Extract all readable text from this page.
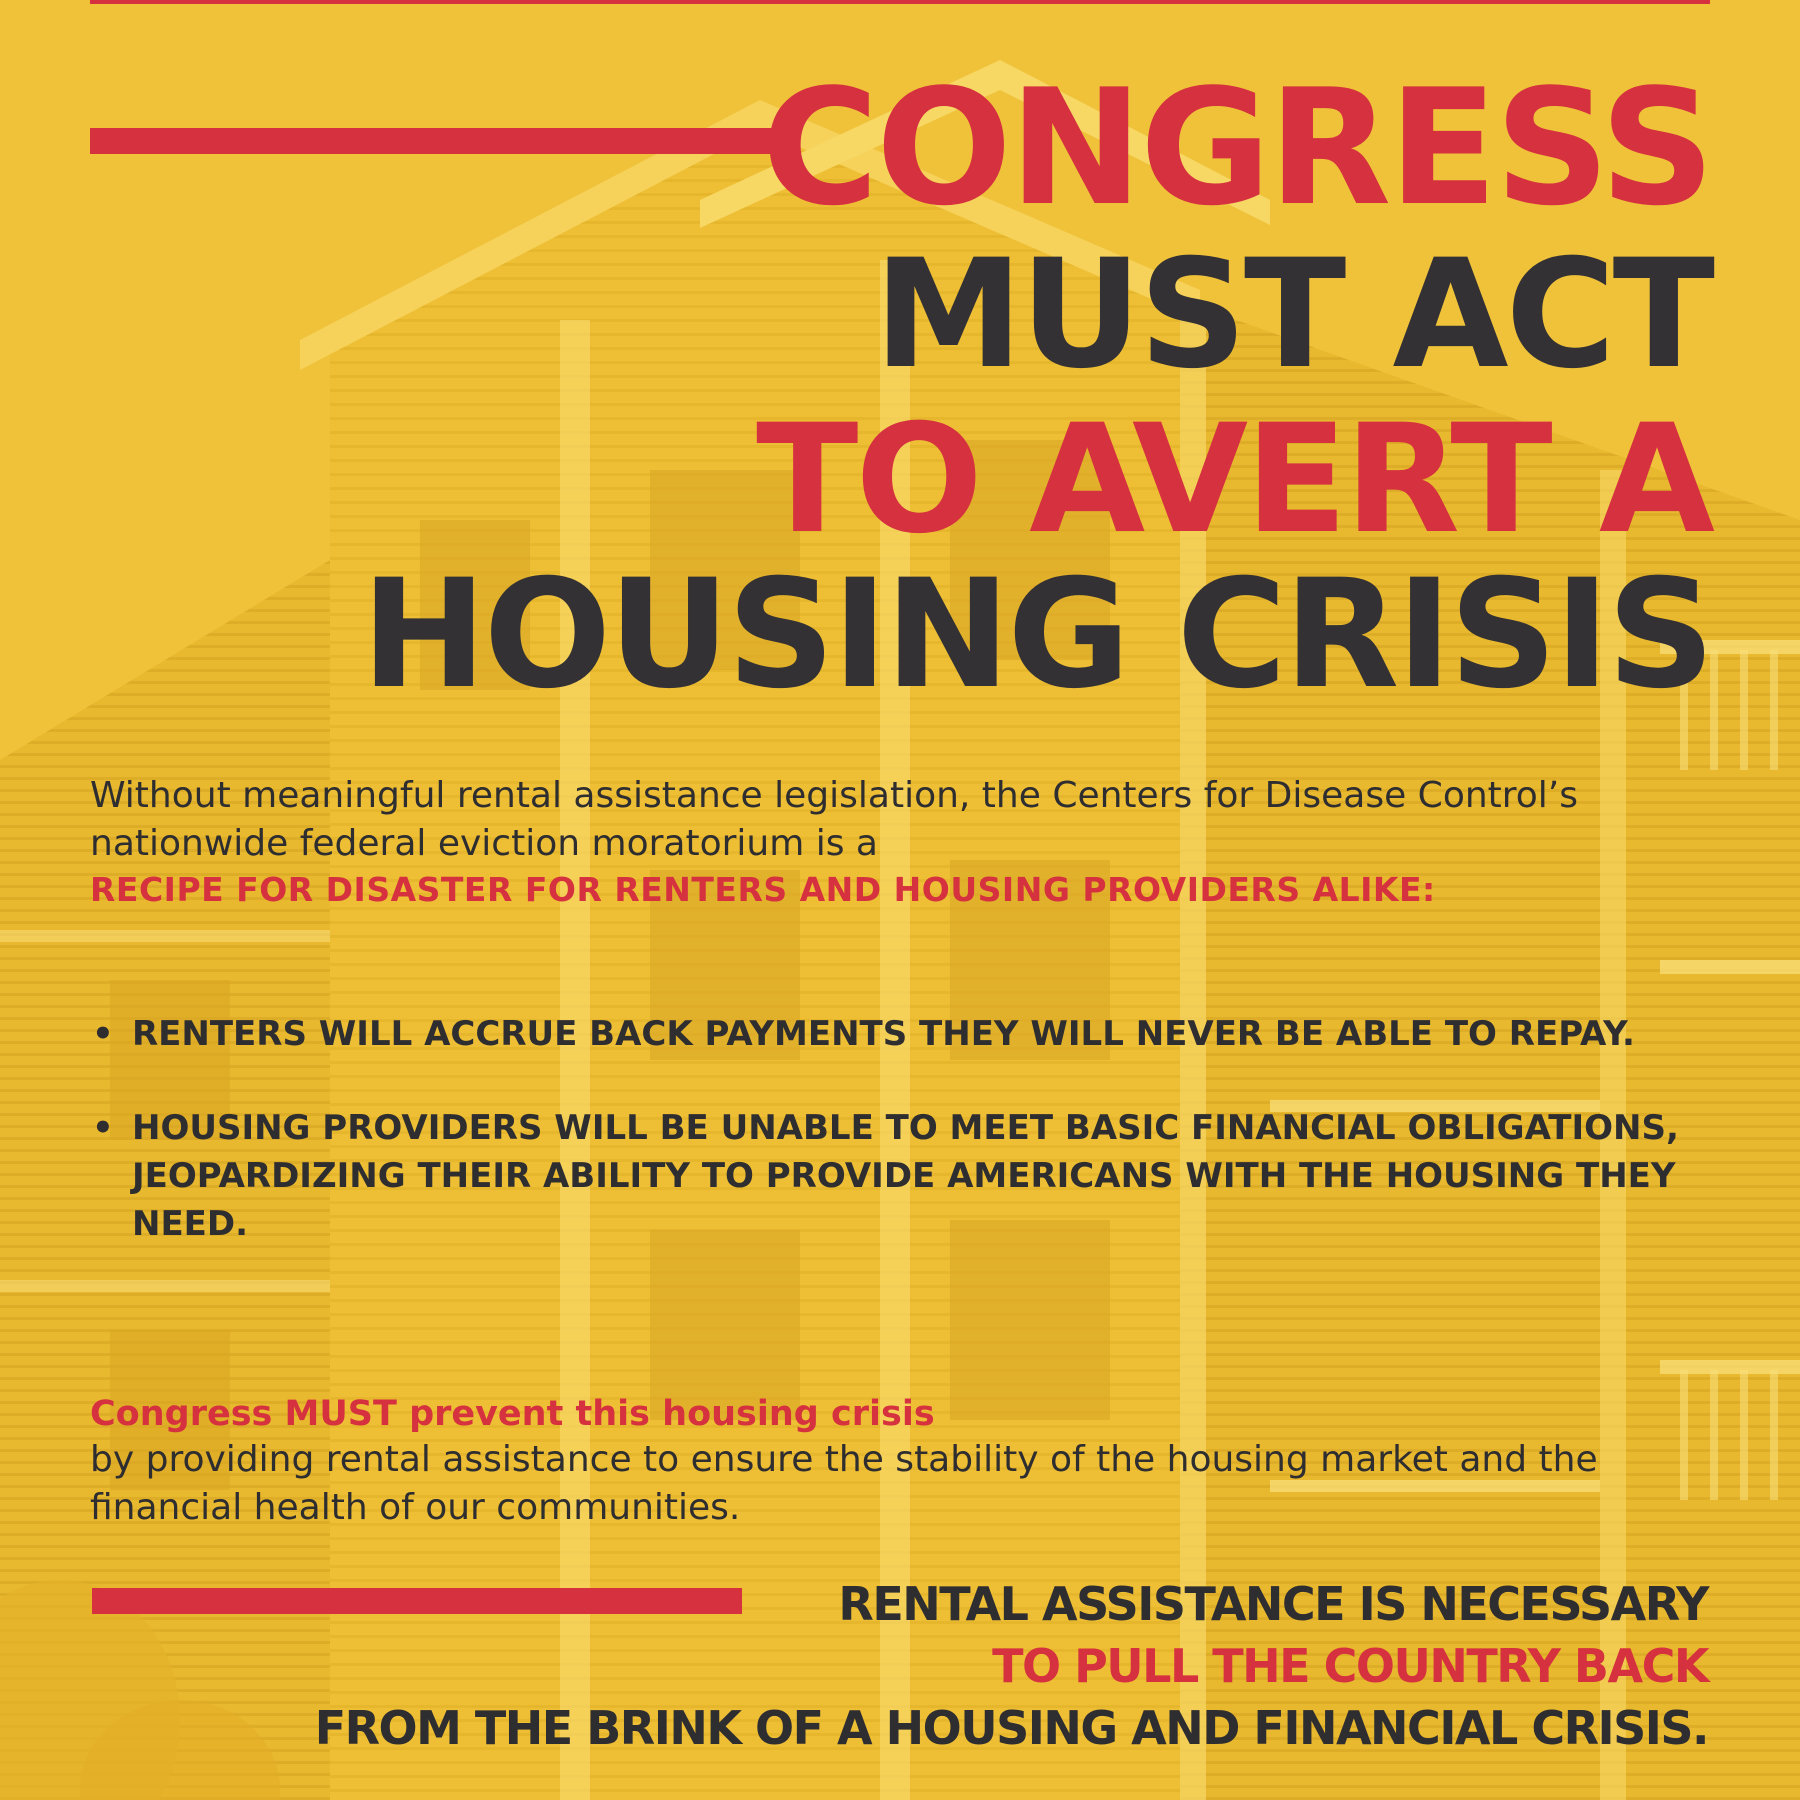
CONGRESS
MUST ACT
TO AVERT A
HOUSING CRISIS
Without meaningful rental assistance legislation, the Centers for Disease Control’s nationwide federal eviction moratorium is a
RECIPE FOR DISASTER FOR RENTERS AND HOUSING PROVIDERS ALIKE:
• RENTERS WILL ACCRUE BACK PAYMENTS THEY WILL NEVER BE ABLE TO REPAY.
• HOUSING PROVIDERS WILL BE UNABLE TO MEET BASIC FINANCIAL OBLIGATIONS, JEOPARDIZING THEIR ABILITY TO PROVIDE AMERICANS WITH THE HOUSING THEY NEED.
Congress MUST prevent this housing crisis
by providing rental assistance to ensure the stability of the housing market and the financial health of our communities.
RENTAL ASSISTANCE IS NECESSARY
TO PULL THE COUNTRY BACK
FROM THE BRINK OF A HOUSING AND FINANCIAL CRISIS.
